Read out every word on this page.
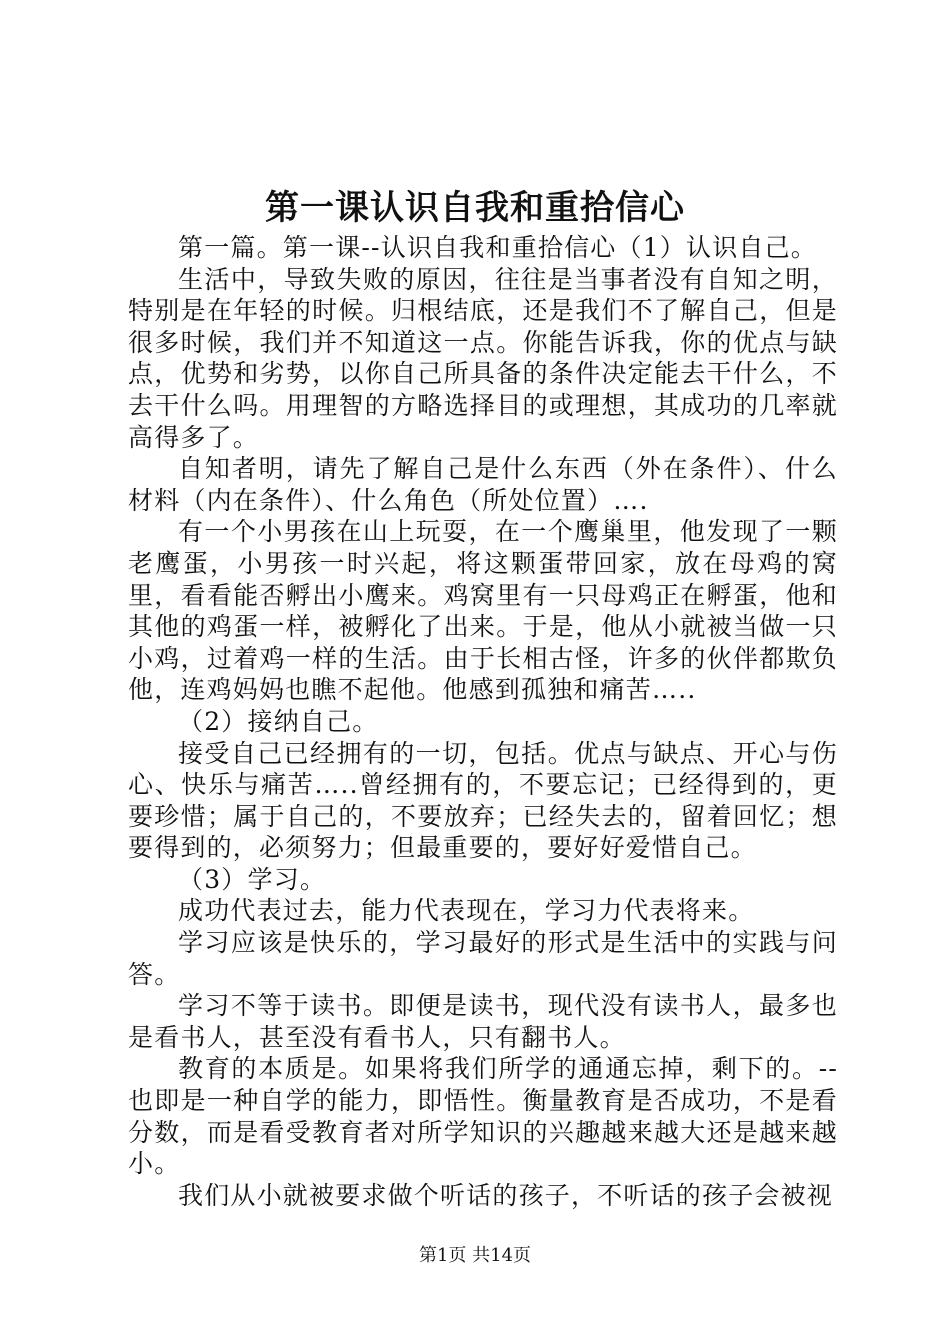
第一课认识自我和重拾信心

第一篇。第一课--认识自我和重拾信心（1）认识自己。

生活中，导致失败的原因，往往是当事者没有自知之明，特别是在年轻的时候。归根结底，还是我们不了解自己，但是很多时候，我们并不知道这一点。你能告诉我，你的优点与缺点，优势和劣势，以你自己所具备的条件决定能去干什么，不去干什么吗。用理智的方略选择目的或理想，其成功的几率就高得多了。

自知者明，请先了解自己是什么东西（外在条件）、什么材料（内在条件）、什么角色（所处位置）….

有一个小男孩在山上玩耍，在一个鹰巢里，他发现了一颗老鹰蛋，小男孩一时兴起，将这颗蛋带回家，放在母鸡的窝里，看看能否孵出小鹰来。鸡窝里有一只母鸡正在孵蛋，他和其他的鸡蛋一样，被孵化了出来。于是，他从小就被当做一只小鸡，过着鸡一样的生活。由于长相古怪，许多的伙伴都欺负他，连鸡妈妈也瞧不起他。他感到孤独和痛苦…..

（2）接纳自己。

接受自己已经拥有的一切，包括。优点与缺点、开心与伤心、快乐与痛苦…..曾经拥有的，不要忘记；已经得到的，更要珍惜；属于自己的，不要放弃；已经失去的，留着回忆；想要得到的，必须努力；但最重要的，要好好爱惜自己。

（3）学习。

成功代表过去，能力代表现在，学习力代表将来。

学习应该是快乐的，学习最好的形式是生活中的实践与问答。

学习不等于读书。即便是读书，现代没有读书人，最多也是看书人，甚至没有看书人，只有翻书人。

教育的本质是。如果将我们所学的通通忘掉，剩下的。--也即是一种自学的能力，即悟性。衡量教育是否成功，不是看分数，而是看受教育者对所学知识的兴趣越来越大还是越来越小。

我们从小就被要求做个听话的孩子，不听话的孩子会被视

第1页 共14页
